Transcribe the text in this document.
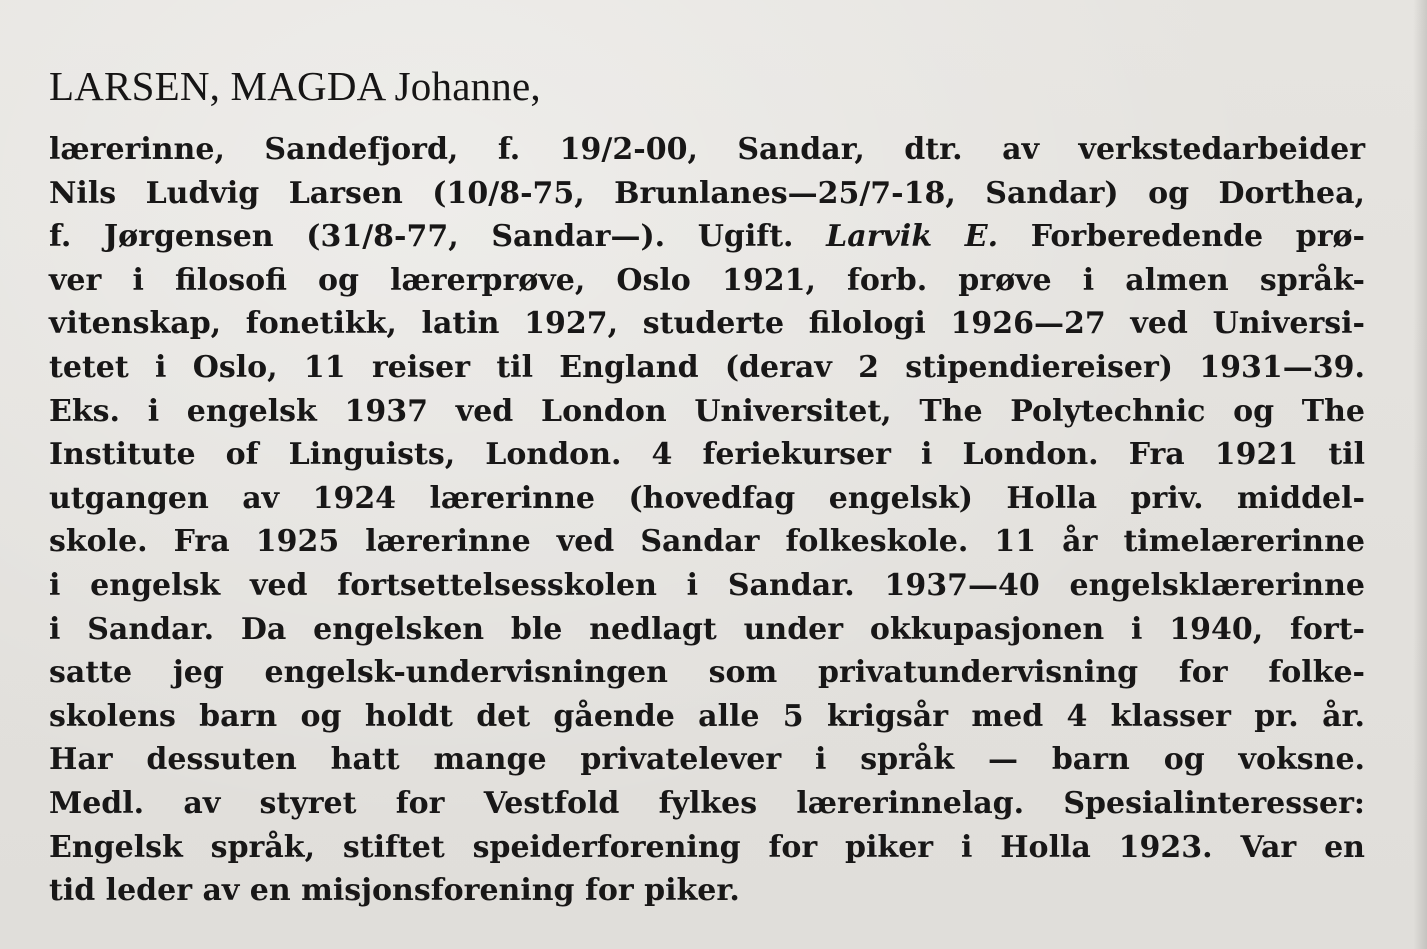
LARSEN, MAGDA Johanne,
lærerinne, Sandefjord, f. 19/2-00, Sandar, dtr. av verkstedarbeider
Nils Ludvig Larsen (10/8-75, Brunlanes—25/7-18, Sandar) og Dorthea,
f. Jørgensen (31/8-77, Sandar—). Ugift. Larvik E. Forberedende prø-
ver i filosofi og lærerprøve, Oslo 1921, forb. prøve i almen språk-
vitenskap, fonetikk, latin 1927, studerte filologi 1926—27 ved Universi-
tetet i Oslo, 11 reiser til England (derav 2 stipendiereiser) 1931—39.
Eks. i engelsk 1937 ved London Universitet, The Polytechnic og The
Institute of Linguists, London. 4 feriekurser i London. Fra 1921 til
utgangen av 1924 lærerinne (hovedfag engelsk) Holla priv. middel-
skole. Fra 1925 lærerinne ved Sandar folkeskole. 11 år timelærerinne
i engelsk ved fortsettelsesskolen i Sandar. 1937—40 engelsklærerinne
i Sandar. Da engelsken ble nedlagt under okkupasjonen i 1940, fort-
satte jeg engelsk-undervisningen som privatundervisning for folke-
skolens barn og holdt det gående alle 5 krigsår med 4 klasser pr. år.
Har dessuten hatt mange privatelever i språk — barn og voksne.
Medl. av styret for Vestfold fylkes lærerinnelag. Spesialinteresser:
Engelsk språk, stiftet speiderforening for piker i Holla 1923. Var en
tid leder av en misjonsforening for piker.
